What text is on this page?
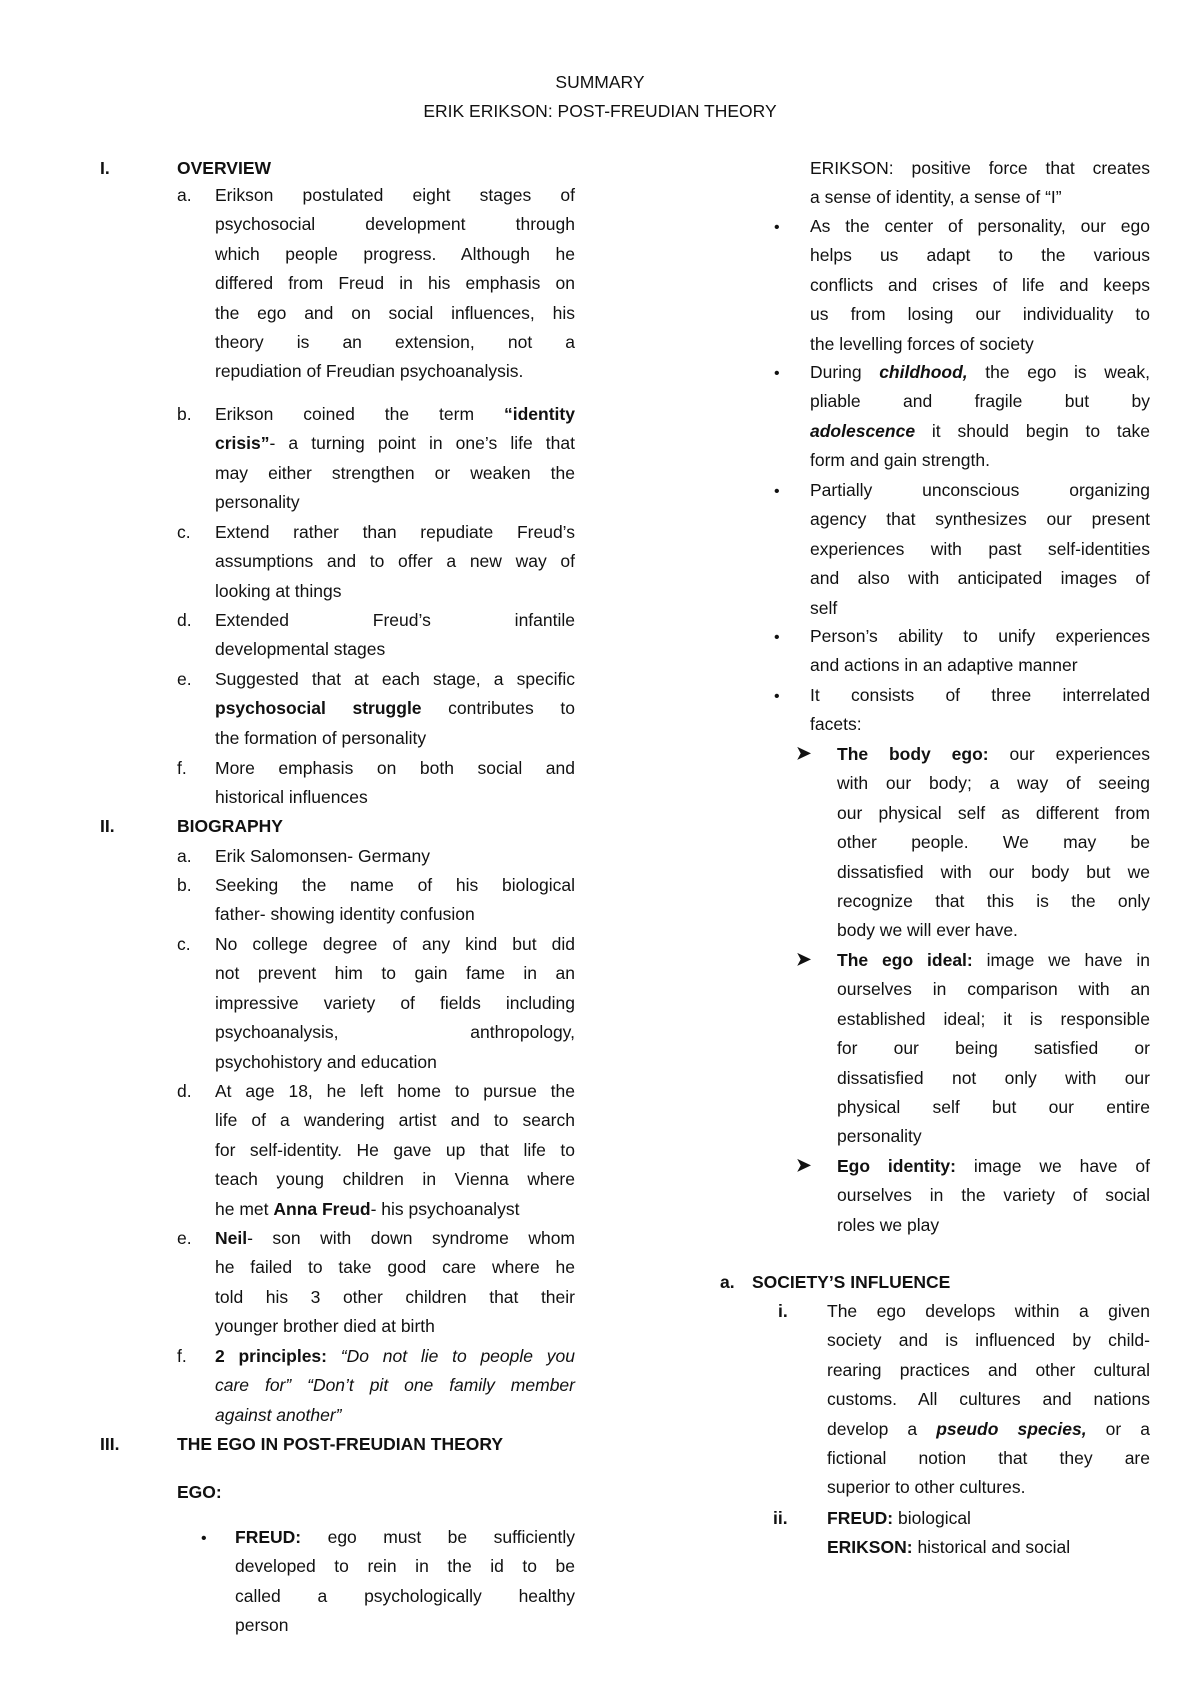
SUMMARY
ERIK ERIKSON: POST-FREUDIAN THEORY
I.	OVERVIEW
a. Erikson postulated eight stages of

psychosocial development through

which people progress. Although he

differed from Freud in his emphasis on

the ego and on social influences, his

theory is an extension, not a

repudiation of Freudian psychoanalysis.

b. Erikson coined the term “identity

crisis”- a turning point in one’s life that

may either strengthen or weaken the

personality

c. Extend rather than repudiate Freud’s

assumptions and to offer a new way of

looking at things

d. Extended Freud’s infantile

developmental stages

e. Suggested that at each stage, a specific

psychosocial struggle contributes to

the formation of personality

f. More emphasis on both social and

historical influences

II.	BIOGRAPHY
a. Erik Salomonsen- Germany

b. Seeking the name of his biological

father- showing identity confusion

c. No college degree of any kind but did

not prevent him to gain fame in an

impressive variety of fields including

psychoanalysis, anthropology,

psychohistory and education

d. At age 18, he left home to pursue the

life of a wandering artist and to search

for self-identity. He gave up that life to

teach young children in Vienna where

he met Anna Freud- his psychoanalyst

e. Neil- son with down syndrome whom

he failed to take good care where he

told his 3 other children that their

younger brother died at birth

f. 2 principles: “Do not lie to people you

care for” “Don’t pit one family member

against another”

III.	THE EGO IN POST-FREUDIAN THEORY
EGO:
• FREUD: ego must be sufficiently

developed to rein in the id to be

called a psychologically healthy

person

ERIKSON: positive force that creates

a sense of identity, a sense of “I”

• As the center of personality, our ego

helps us adapt to the various

conflicts and crises of life and keeps

us from losing our individuality to

the levelling forces of society

• During childhood, the ego is weak,

pliable and fragile but by

adolescence it should begin to take

form and gain strength.

• Partially unconscious organizing

agency that synthesizes our present

experiences with past self-identities

and also with anticipated images of

self

• Person’s ability to unify experiences

and actions in an adaptive manner

• It consists of three interrelated

facets:

➤ The body ego: our experiences

with our body; a way of seeing

our physical self as different from

other people. We may be

dissatisfied with our body but we

recognize that this is the only

body we will ever have.

➤ The ego ideal: image we have in

ourselves in comparison with an

established ideal; it is responsible

for our being satisfied or

dissatisfied not only with our

physical self but our entire

personality

➤ Ego identity: image we have of

ourselves in the variety of social

roles we play

a. SOCIETY’S INFLUENCE
i. The ego develops within a given

society and is influenced by child-

rearing practices and other cultural

customs. All cultures and nations

develop a pseudo species, or a

fictional notion that they are

superior to other cultures.

ii. FREUD: biological

ERIKSON: historical and social
